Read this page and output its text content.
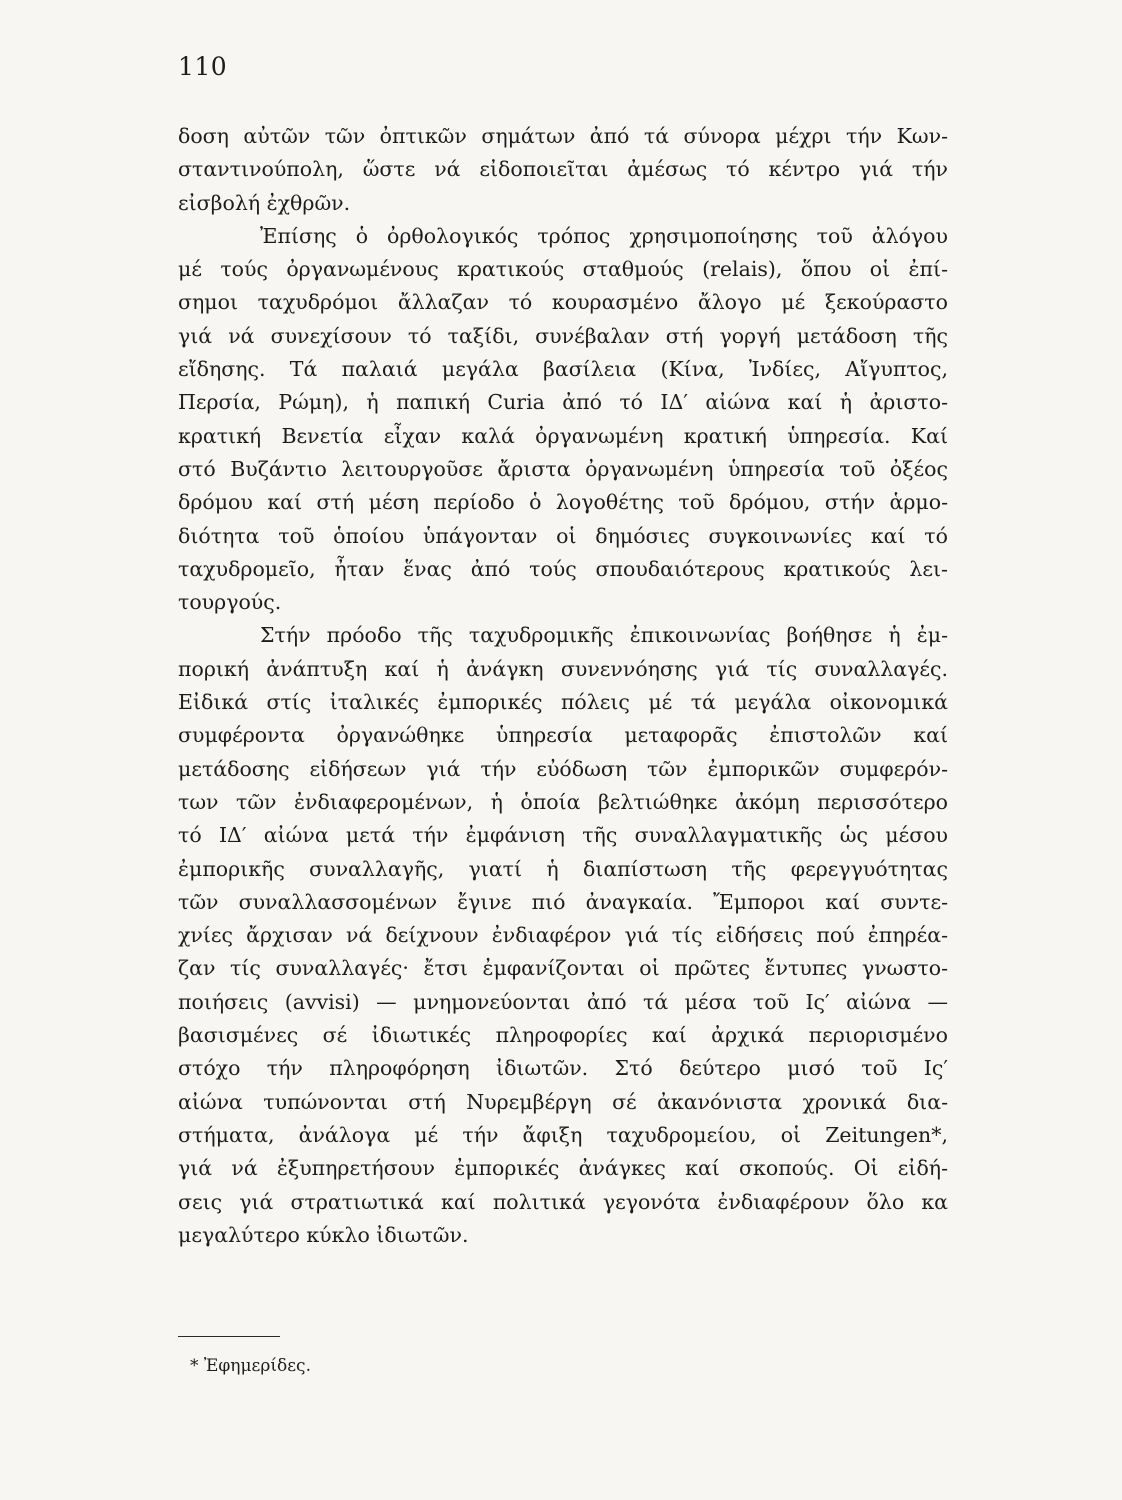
110
δοση αὐτῶν τῶν ὀπτικῶν σημάτων ἀπό τά σύνορα μέχρι τήν Κων-
σταντινούπολη, ὥστε νά εἰδοποιεῖται ἀμέσως τό κέντρο γιά τήν
εἰσβολή ἐχθρῶν.
Ἐπίσης ὁ ὀρθολογικός τρόπος χρησιμοποίησης τοῦ ἀλόγου
μέ τούς ὀργανωμένους κρατικούς σταθμούς (relais), ὅπου οἱ ἐπί-
σημοι ταχυδρόμοι ἄλλαζαν τό κουρασμένο ἄλογο μέ ξεκούραστο
γιά νά συνεχίσουν τό ταξίδι, συνέβαλαν στή γοργή μετάδοση τῆς
εἴδησης. Τά παλαιά μεγάλα βασίλεια (Κίνα, Ἰνδίες, Αἴγυπτος,
Περσία, Ρώμη), ἡ παπική Curia ἀπό τό ΙΔ′ αἰώνα καί ἡ ἀριστο-
κρατική Βενετία εἶχαν καλά ὀργανωμένη κρατική ὑπηρεσία. Καί
στό Βυζάντιο λειτουργοῦσε ἄριστα ὀργανωμένη ὑπηρεσία τοῦ ὀξέος
δρόμου καί στή μέση περίοδο ὁ λογοθέτης τοῦ δρόμου, στήν ἁρμο-
διότητα τοῦ ὁποίου ὑπάγονταν οἱ δημόσιες συγκοινωνίες καί τό
ταχυδρομεῖο, ἦταν ἕνας ἀπό τούς σπουδαιότερους κρατικούς λει-
τουργούς.
Στήν πρόοδο τῆς ταχυδρομικῆς ἐπικοινωνίας βοήθησε ἡ ἐμ-
πορική ἀνάπτυξη καί ἡ ἀνάγκη συνεννόησης γιά τίς συναλλαγές.
Εἰδικά στίς ἰταλικές ἐμπορικές πόλεις μέ τά μεγάλα οἰκονομικά
συμφέροντα ὀργανώθηκε ὑπηρεσία μεταφορᾶς ἐπιστολῶν καί
μετάδοσης εἰδήσεων γιά τήν εὐόδωση τῶν ἐμπορικῶν συμφερόν-
των τῶν ἐνδιαφερομένων, ἡ ὁποία βελτιώθηκε ἀκόμη περισσότερο
τό ΙΔ′ αἰώνα μετά τήν ἐμφάνιση τῆς συναλλαγματικῆς ὡς μέσου
ἐμπορικῆς συναλλαγῆς, γιατί ἡ διαπίστωση τῆς φερεγγυότητας
τῶν συναλλασσομένων ἔγινε πιό ἀναγκαία. Ἔμποροι καί συντε-
χνίες ἄρχισαν νά δείχνουν ἐνδιαφέρον γιά τίς εἰδήσεις πού ἐπηρέα-
ζαν τίς συναλλαγές· ἔτσι ἐμφανίζονται οἱ πρῶτες ἔντυπες γνωστο-
ποιήσεις (avvisi) — μνημονεύονται ἀπό τά μέσα τοῦ Ις′ αἰώνα —
βασισμένες σέ ἰδιωτικές πληροφορίες καί ἀρχικά περιορισμένο
στόχο τήν πληροφόρηση ἰδιωτῶν. Στό δεύτερο μισό τοῦ Ις′
αἰώνα τυπώνονται στή Νυρεμβέργη σέ ἀκανόνιστα χρονικά δια-
στήματα, ἀνάλογα μέ τήν ἄφιξη ταχυδρομείου, οἱ Zeitungen*,
γιά νά ἐξυπηρετήσουν ἐμπορικές ἀνάγκες καί σκοπούς. Οἱ εἰδή-
σεις γιά στρατιωτικά καί πολιτικά γεγονότα ἐνδιαφέρουν ὅλο κα
μεγαλύτερο κύκλο ἰδιωτῶν.
* Ἐφημερίδες.
